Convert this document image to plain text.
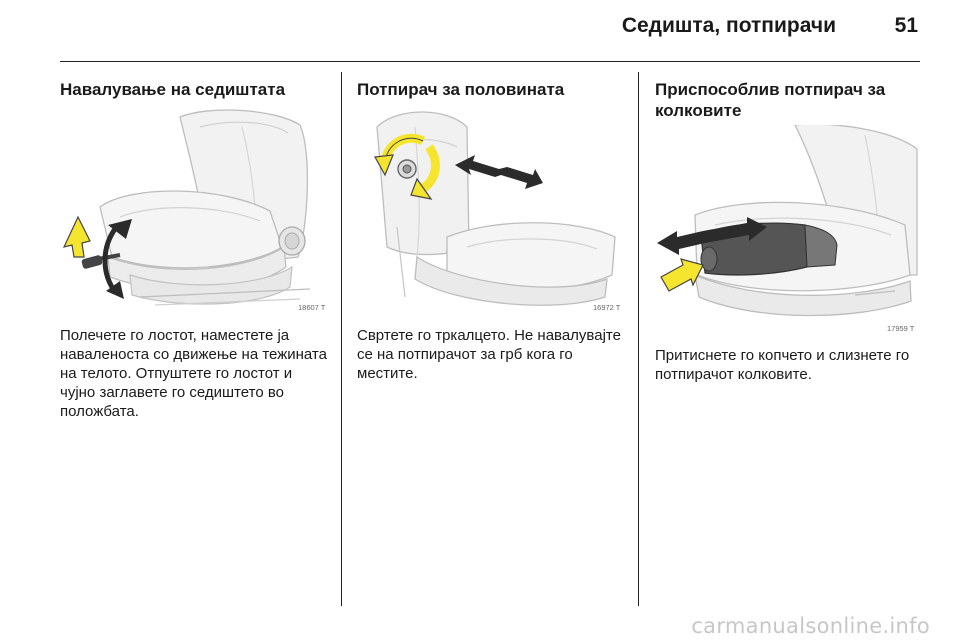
Седишта, потпирачи	51
Навалување на седиштата
18607 T
Полечете го лостот, наместете ја наваленоста со движење на тежината на телото. Отпуштете го лостот и чујно заглавете го седиштето во положбата.
Потпирач за половината
16972 T
Свртете го тркалцето. Не навалувајте се на потпирачот за грб кога го местите.
Приспособлив потпирач за колковите
17959 T
Притиснете го копчето и слизнете го потпирачот колковите.
carmanualsonline.info
